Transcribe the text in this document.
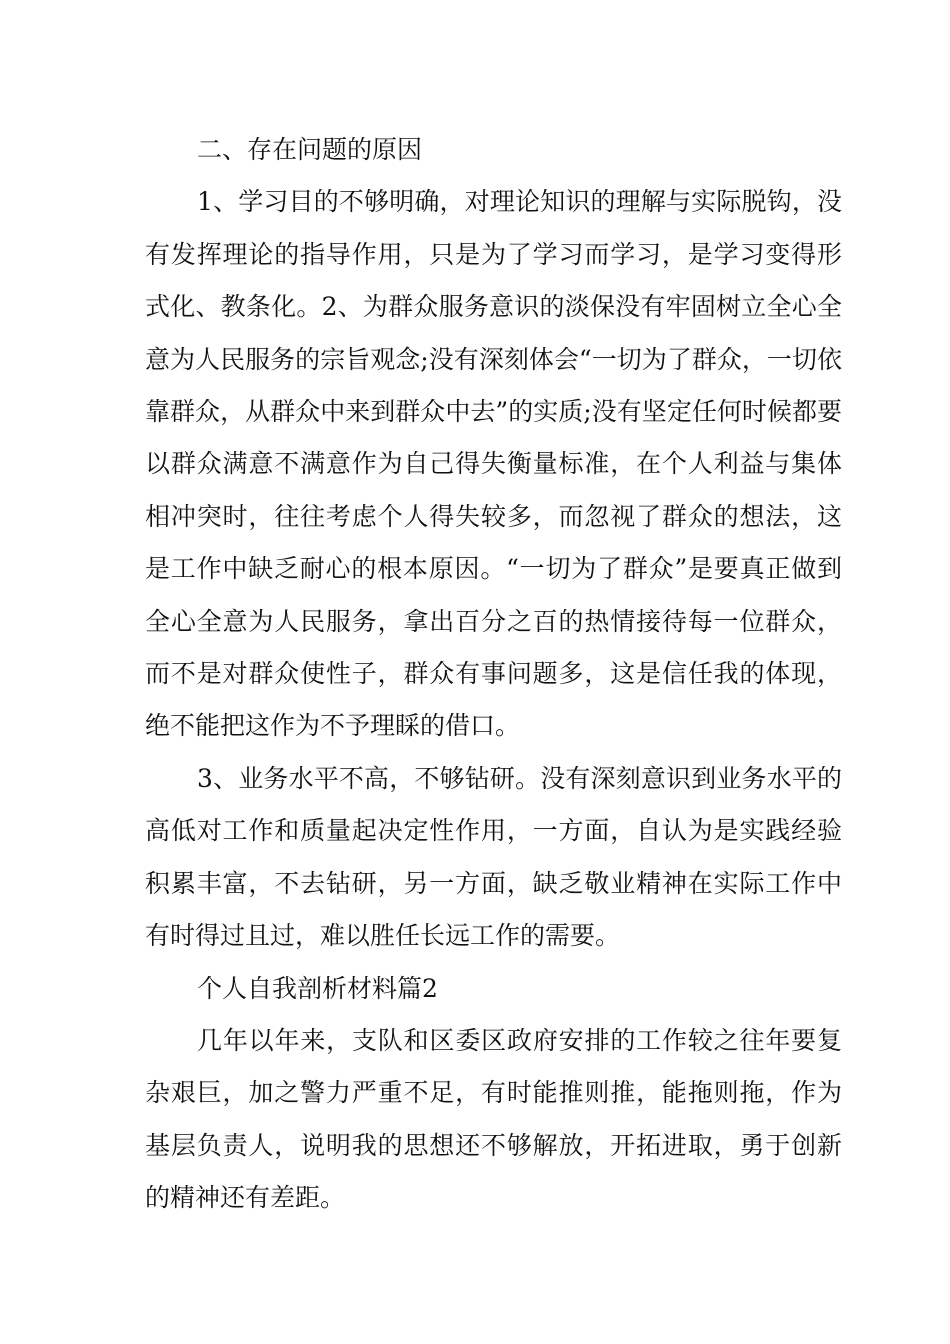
二、存在问题的原因

1、学习目的不够明确，对理论知识的理解与实际脱钩，没有发挥理论的指导作用，只是为了学习而学习，是学习变得形式化、教条化。2、为群众服务意识的淡保没有牢固树立全心全意为人民服务的宗旨观念;没有深刻体会“一切为了群众，一切依靠群众，从群众中来到群众中去”的实质;没有坚定任何时候都要以群众满意不满意作为自己得失衡量标准，在个人利益与集体相冲突时，往往考虑个人得失较多，而忽视了群众的想法，这是工作中缺乏耐心的根本原因。“一切为了群众”是要真正做到全心全意为人民服务，拿出百分之百的热情接待每一位群众，而不是对群众使性子，群众有事问题多，这是信任我的体现，绝不能把这作为不予理睬的借口。

3、业务水平不高，不够钻研。没有深刻意识到业务水平的高低对工作和质量起决定性作用，一方面，自认为是实践经验积累丰富，不去钻研，另一方面，缺乏敬业精神在实际工作中有时得过且过，难以胜任长远工作的需要。

个人自我剖析材料篇2

几年以年来，支队和区委区政府安排的工作较之往年要复杂艰巨，加之警力严重不足，有时能推则推，能拖则拖，作为基层负责人，说明我的思想还不够解放，开拓进取，勇于创新的精神还有差距。
